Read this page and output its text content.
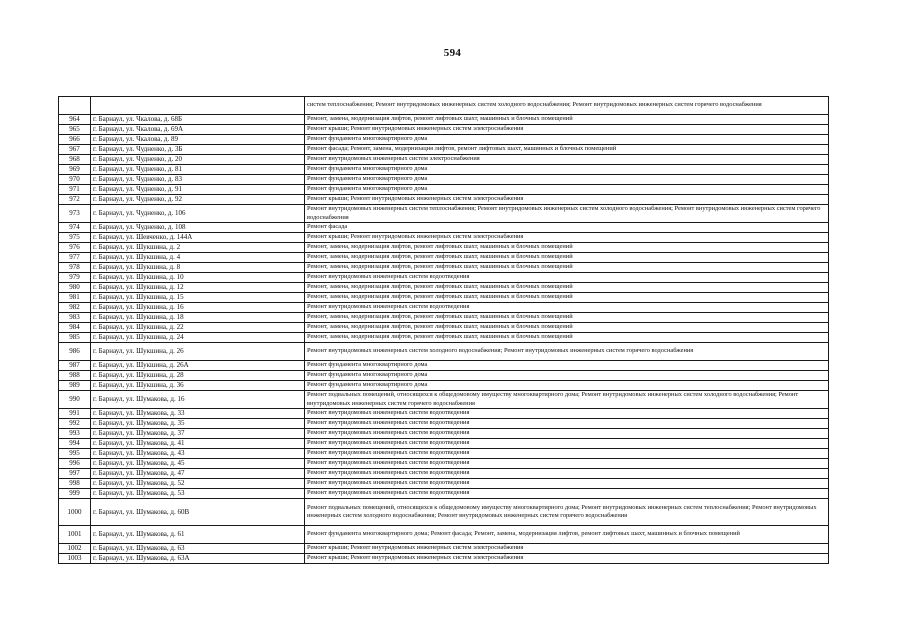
594
		систем теплоснабжения; Ремонт внутридомовых инженерных систем холодного водоснабжения; Ремонт внутридомовых инженерных систем горячего водоснабжения
964	г. Барнаул, ул. Чкалова, д. 68Б	Ремонт, замена, модернизация лифтов, ремонт лифтовых шахт, машинных и блочных помещений
965	г. Барнаул, ул. Чкалова, д. 69А	Ремонт крыши; Ремонт внутридомовых инженерных систем электроснабжения
966	г. Барнаул, ул. Чкалова, д. 89	Ремонт фундамента многоквартирного дома
967	г. Барнаул, ул. Чудненко, д. 3Б	Ремонт фасада; Ремонт, замена, модернизация лифтов, ремонт лифтовых шахт, машинных и блочных помещений
968	г. Барнаул, ул. Чудненко, д. 20	Ремонт внутридомовых инженерных систем электроснабжения
969	г. Барнаул, ул. Чудненко, д. 81	Ремонт фундамента многоквартирного дома
970	г. Барнаул, ул. Чудненко, д. 83	Ремонт фундамента многоквартирного дома
971	г. Барнаул, ул. Чудненко, д. 91	Ремонт фундамента многоквартирного дома
972	г. Барнаул, ул. Чудненко, д. 92	Ремонт крыши; Ремонт внутридомовых инженерных систем электроснабжения
973	г. Барнаул, ул. Чудненко, д. 106	Ремонт внутридомовых инженерных систем теплоснабжения; Ремонт внутридомовых инженерных систем холодного водоснабжения; Ремонт внутридомовых инженерных систем горячего водоснабжения
974	г. Барнаул, ул. Чудненко, д. 108	Ремонт фасада
975	г. Барнаул, ул. Шевченко, д. 144А	Ремонт крыши; Ремонт внутридомовых инженерных систем электроснабжения
976	г. Барнаул, ул. Шукшина, д. 2	Ремонт, замена, модернизация лифтов, ремонт лифтовых шахт, машинных и блочных помещений
977	г. Барнаул, ул. Шукшина, д. 4	Ремонт, замена, модернизация лифтов, ремонт лифтовых шахт, машинных и блочных помещений
978	г. Барнаул, ул. Шукшина, д. 8	Ремонт, замена, модернизация лифтов, ремонт лифтовых шахт, машинных и блочных помещений
979	г. Барнаул, ул. Шукшина, д. 10	Ремонт внутридомовых инженерных систем водоотведения
980	г. Барнаул, ул. Шукшина, д. 12	Ремонт, замена, модернизация лифтов, ремонт лифтовых шахт, машинных и блочных помещений
981	г. Барнаул, ул. Шукшина, д. 15	Ремонт, замена, модернизация лифтов, ремонт лифтовых шахт, машинных и блочных помещений
982	г. Барнаул, ул. Шукшина, д. 16	Ремонт внутридомовых инженерных систем водоотведения
983	г. Барнаул, ул. Шукшина, д. 18	Ремонт, замена, модернизация лифтов, ремонт лифтовых шахт, машинных и блочных помещений
984	г. Барнаул, ул. Шукшина, д. 22	Ремонт, замена, модернизация лифтов, ремонт лифтовых шахт, машинных и блочных помещений
985	г. Барнаул, ул. Шукшина, д. 24	Ремонт, замена, модернизация лифтов, ремонт лифтовых шахт, машинных и блочных помещений
986	г. Барнаул, ул. Шукшина, д. 26	Ремонт внутридомовых инженерных систем холодного водоснабжения; Ремонт внутридомовых инженерных систем горячего водоснабжения
987	г. Барнаул, ул. Шукшина, д. 26А	Ремонт фундамента многоквартирного дома
988	г. Барнаул, ул. Шукшина, д. 28	Ремонт фундамента многоквартирного дома
989	г. Барнаул, ул. Шукшина, д. 36	Ремонт фундамента многоквартирного дома
990	г. Барнаул, ул. Шумакова, д. 16	Ремонт подвальных помещений, относящихся к общедомовому имуществу многоквартирного дома; Ремонт внутридомовых инженерных систем холодного водоснабжения; Ремонт внутридомовых инженерных систем горячего водоснабжения
991	г. Барнаул, ул. Шумакова, д. 33	Ремонт внутридомовых инженерных систем водоотведения
992	г. Барнаул, ул. Шумакова, д. 35	Ремонт внутридомовых инженерных систем водоотведения
993	г. Барнаул, ул. Шумакова, д. 37	Ремонт внутридомовых инженерных систем водоотведения
994	г. Барнаул, ул. Шумакова, д. 41	Ремонт внутридомовых инженерных систем водоотведения
995	г. Барнаул, ул. Шумакова, д. 43	Ремонт внутридомовых инженерных систем водоотведения
996	г. Барнаул, ул. Шумакова, д. 45	Ремонт внутридомовых инженерных систем водоотведения
997	г. Барнаул, ул. Шумакова, д. 47	Ремонт внутридомовых инженерных систем водоотведения
998	г. Барнаул, ул. Шумакова, д. 52	Ремонт внутридомовых инженерных систем водоотведения
999	г. Барнаул, ул. Шумакова, д. 53	Ремонт внутридомовых инженерных систем водоотведения
1000	г. Барнаул, ул. Шумакова, д. 60В	Ремонт подвальных помещений, относящихся к общедомовому имуществу многоквартирного дома; Ремонт внутридомовых инженерных систем теплоснабжения; Ремонт внутридомовых инженерных систем холодного водоснабжения; Ремонт внутридомовых инженерных систем горячего водоснабжения
1001	г. Барнаул, ул. Шумакова, д. 61	Ремонт фундамента многоквартирного дома; Ремонт фасада; Ремонт, замена, модернизация лифтов, ремонт лифтовых шахт, машинных и блочных помещений
1002	г. Барнаул, ул. Шумакова, д. 63	Ремонт крыши; Ремонт внутридомовых инженерных систем электроснабжения
1003	г. Барнаул, ул. Шумакова, д. 63А	Ремонт крыши; Ремонт внутридомовых инженерных систем электроснабжения
